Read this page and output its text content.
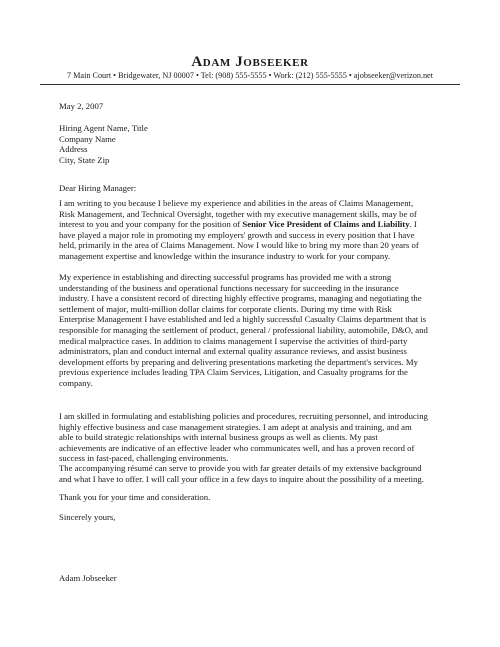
Adam Jobseeker
7 Main Court • Bridgewater, NJ 00007 • Tel: (908) 555-5555 • Work: (212) 555-5555 • ajobseeker@verizon.net
May 2, 2007
Hiring Agent Name, Title
Company Name
Address
City, State Zip
Dear Hiring Manager:
I am writing to you because I believe my experience and abilities in the areas of Claims Management,
Risk Management, and Technical Oversight, together with my executive management skills, may be of
interest to you and your company for the position of Senior Vice President of Claims and Liability. I
have played a major role in promoting my employers' growth and success in every position that I have
held, primarily in the area of Claims Management. Now I would like to bring my more than 20 years of
management expertise and knowledge within the insurance industry to work for your company.
My experience in establishing and directing successful programs has provided me with a strong
understanding of the business and operational functions necessary for succeeding in the insurance
industry. I have a consistent record of directing highly effective programs, managing and negotiating the
settlement of major, multi-million dollar claims for corporate clients. During my time with Risk
Enterprise Management I have established and led a highly successful Casualty Claims department that is
responsible for managing the settlement of product, general / professional liability, automobile, D&O, and
medical malpractice cases. In addition to claims management I supervise the activities of third-party
administrators, plan and conduct internal and external quality assurance reviews, and assist business
development efforts by preparing and delivering presentations marketing the department's services. My
previous experience includes leading TPA Claim Services, Litigation, and Casualty programs for the
company.
I am skilled in formulating and establishing policies and procedures, recruiting personnel, and introducing
highly effective business and case management strategies. I am adept at analysis and training, and am
able to build strategic relationships with internal business groups as well as clients. My past
achievements are indicative of an effective leader who communicates well, and has a proven record of
success in fast-paced, challenging environments.
The accompanying résumé can serve to provide you with far greater details of my extensive background
and what I have to offer. I will call your office in a few days to inquire about the possibility of a meeting.
Thank you for your time and consideration.
Sincerely yours,
Adam Jobseeker
